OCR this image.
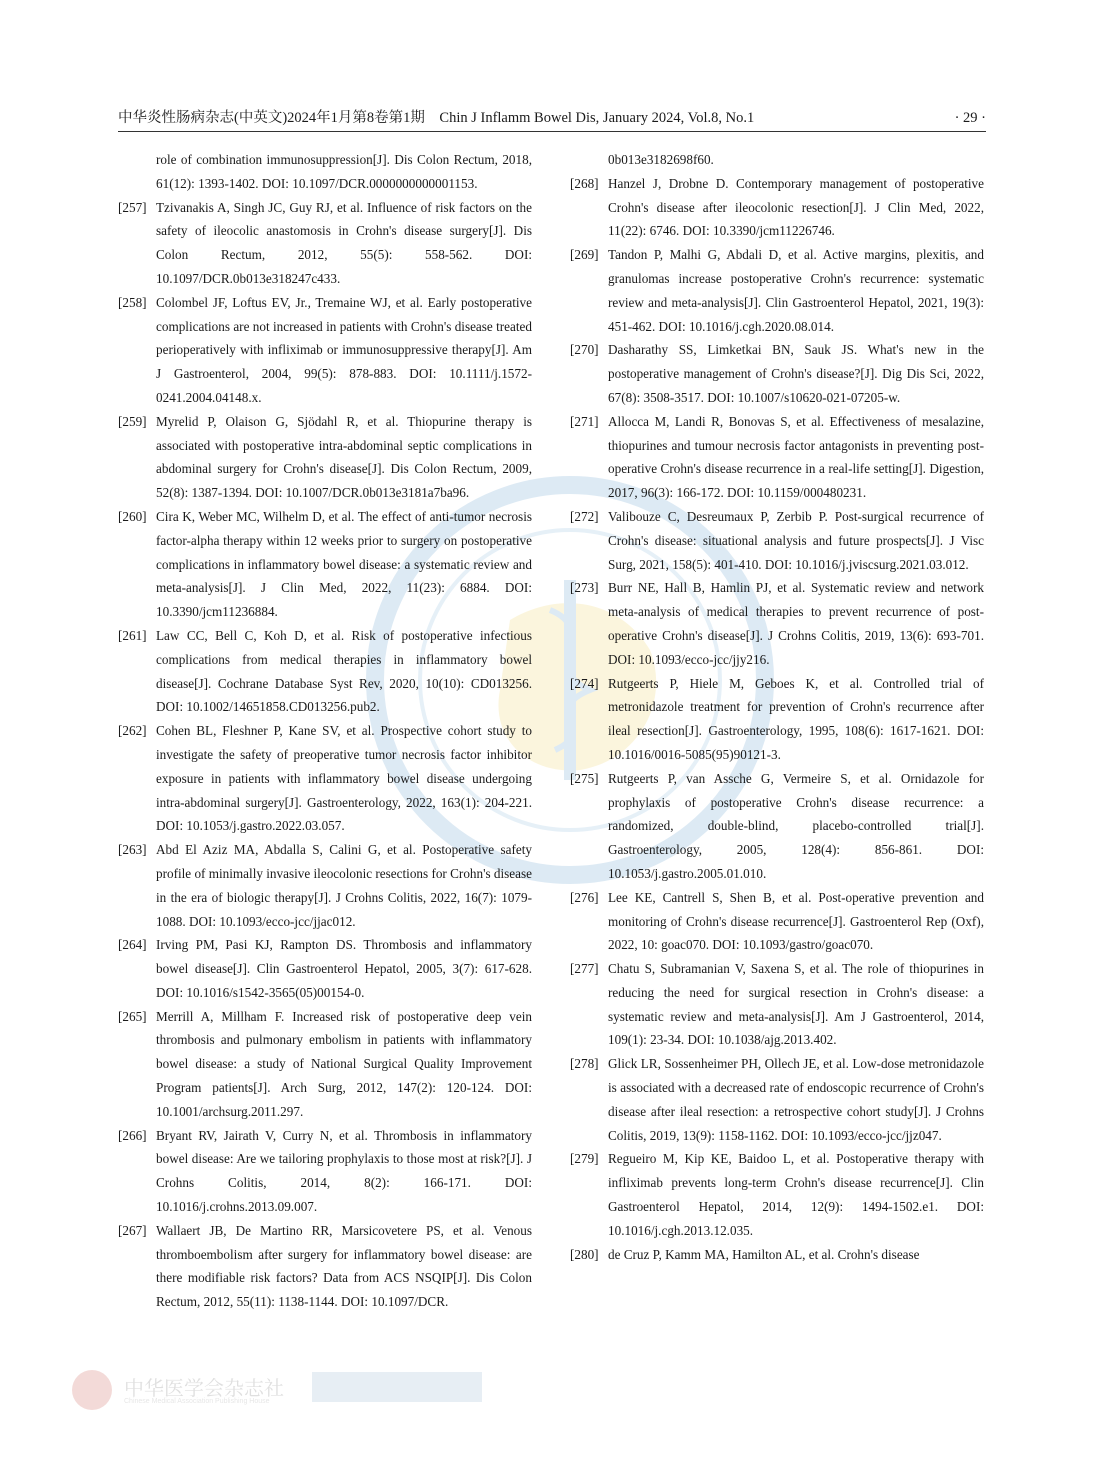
中华炎性肠病杂志(中英文)2024年1月第8卷第1期　Chin J Inflamm Bowel Dis, January 2024, Vol.8, No.1	· 29 ·
role of combination immunosuppression[J]. Dis Colon Rectum, 2018, 61(12): 1393-1402. DOI: 10.1097/DCR.0000000000001153.
[257] Tzivanakis A, Singh JC, Guy RJ, et al. Influence of risk factors on the safety of ileocolic anastomosis in Crohn's disease surgery[J]. Dis Colon Rectum, 2012, 55(5): 558-562. DOI: 10.1097/DCR.0b013e318247c433.
[258] Colombel JF, Loftus EV, Jr., Tremaine WJ, et al. Early postoperative complications are not increased in patients with Crohn's disease treated perioperatively with infliximab or immunosuppressive therapy[J]. Am J Gastroenterol, 2004, 99(5): 878-883. DOI: 10.1111/j.1572-0241.2004.04148.x.
[259] Myrelid P, Olaison G, Sjödahl R, et al. Thiopurine therapy is associated with postoperative intra-abdominal septic complications in abdominal surgery for Crohn's disease[J]. Dis Colon Rectum, 2009, 52(8): 1387-1394. DOI: 10.1007/DCR.0b013e3181a7ba96.
[260] Cira K, Weber MC, Wilhelm D, et al. The effect of anti-tumor necrosis factor-alpha therapy within 12 weeks prior to surgery on postoperative complications in inflammatory bowel disease: a systematic review and meta-analysis[J]. J Clin Med, 2022, 11(23): 6884. DOI: 10.3390/jcm11236884.
[261] Law CC, Bell C, Koh D, et al. Risk of postoperative infectious complications from medical therapies in inflammatory bowel disease[J]. Cochrane Database Syst Rev, 2020, 10(10): CD013256. DOI: 10.1002/14651858.CD013256.pub2.
[262] Cohen BL, Fleshner P, Kane SV, et al. Prospective cohort study to investigate the safety of preoperative tumor necrosis factor inhibitor exposure in patients with inflammatory bowel disease undergoing intra-abdominal surgery[J]. Gastroenterology, 2022, 163(1): 204-221. DOI: 10.1053/j.gastro.2022.03.057.
[263] Abd El Aziz MA, Abdalla S, Calini G, et al. Postoperative safety profile of minimally invasive ileocolonic resections for Crohn's disease in the era of biologic therapy[J]. J Crohns Colitis, 2022, 16(7): 1079-1088. DOI: 10.1093/ecco-jcc/jjac012.
[264] Irving PM, Pasi KJ, Rampton DS. Thrombosis and inflammatory bowel disease[J]. Clin Gastroenterol Hepatol, 2005, 3(7): 617-628. DOI: 10.1016/s1542-3565(05)00154-0.
[265] Merrill A, Millham F. Increased risk of postoperative deep vein thrombosis and pulmonary embolism in patients with inflammatory bowel disease: a study of National Surgical Quality Improvement Program patients[J]. Arch Surg, 2012, 147(2): 120-124. DOI: 10.1001/archsurg.2011.297.
[266] Bryant RV, Jairath V, Curry N, et al. Thrombosis in inflammatory bowel disease: Are we tailoring prophylaxis to those most at risk?[J]. J Crohns Colitis, 2014, 8(2): 166-171. DOI: 10.1016/j.crohns.2013.09.007.
[267] Wallaert JB, De Martino RR, Marsicovetere PS, et al. Venous thromboembolism after surgery for inflammatory bowel disease: are there modifiable risk factors? Data from ACS NSQIP[J]. Dis Colon Rectum, 2012, 55(11): 1138-1144. DOI: 10.1097/DCR.
0b013e3182698f60.
[268] Hanzel J, Drobne D. Contemporary management of postoperative Crohn's disease after ileocolonic resection[J]. J Clin Med, 2022, 11(22): 6746. DOI: 10.3390/jcm11226746.
[269] Tandon P, Malhi G, Abdali D, et al. Active margins, plexitis, and granulomas increase postoperative Crohn's recurrence: systematic review and meta-analysis[J]. Clin Gastroenterol Hepatol, 2021, 19(3): 451-462. DOI: 10.1016/j.cgh.2020.08.014.
[270] Dasharathy SS, Limketkai BN, Sauk JS. What's new in the postoperative management of Crohn's disease?[J]. Dig Dis Sci, 2022, 67(8): 3508-3517. DOI: 10.1007/s10620-021-07205-w.
[271] Allocca M, Landi R, Bonovas S, et al. Effectiveness of mesalazine, thiopurines and tumour necrosis factor antagonists in preventing post-operative Crohn's disease recurrence in a real-life setting[J]. Digestion, 2017, 96(3): 166-172. DOI: 10.1159/000480231.
[272] Valibouze C, Desreumaux P, Zerbib P. Post-surgical recurrence of Crohn's disease: situational analysis and future prospects[J]. J Visc Surg, 2021, 158(5): 401-410. DOI: 10.1016/j.jviscsurg.2021.03.012.
[273] Burr NE, Hall B, Hamlin PJ, et al. Systematic review and network meta-analysis of medical therapies to prevent recurrence of post-operative Crohn's disease[J]. J Crohns Colitis, 2019, 13(6): 693-701. DOI: 10.1093/ecco-jcc/jjy216.
[274] Rutgeerts P, Hiele M, Geboes K, et al. Controlled trial of metronidazole treatment for prevention of Crohn's recurrence after ileal resection[J]. Gastroenterology, 1995, 108(6): 1617-1621. DOI: 10.1016/0016-5085(95)90121-3.
[275] Rutgeerts P, van Assche G, Vermeire S, et al. Ornidazole for prophylaxis of postoperative Crohn's disease recurrence: a randomized, double-blind, placebo-controlled trial[J]. Gastroenterology, 2005, 128(4): 856-861. DOI: 10.1053/j.gastro.2005.01.010.
[276] Lee KE, Cantrell S, Shen B, et al. Post-operative prevention and monitoring of Crohn's disease recurrence[J]. Gastroenterol Rep (Oxf), 2022, 10: goac070. DOI: 10.1093/gastro/goac070.
[277] Chatu S, Subramanian V, Saxena S, et al. The role of thiopurines in reducing the need for surgical resection in Crohn's disease: a systematic review and meta-analysis[J]. Am J Gastroenterol, 2014, 109(1): 23-34. DOI: 10.1038/ajg.2013.402.
[278] Glick LR, Sossenheimer PH, Ollech JE, et al. Low-dose metronidazole is associated with a decreased rate of endoscopic recurrence of Crohn's disease after ileal resection: a retrospective cohort study[J]. J Crohns Colitis, 2019, 13(9): 1158-1162. DOI: 10.1093/ecco-jcc/jjz047.
[279] Regueiro M, Kip KE, Baidoo L, et al. Postoperative therapy with infliximab prevents long-term Crohn's disease recurrence[J]. Clin Gastroenterol Hepatol, 2014, 12(9): 1494-1502.e1. DOI: 10.1016/j.cgh.2013.12.035.
[280] de Cruz P, Kamm MA, Hamilton AL, et al. Crohn's disease
中华医学会杂志社
Chinese Medical Association Publishing House
